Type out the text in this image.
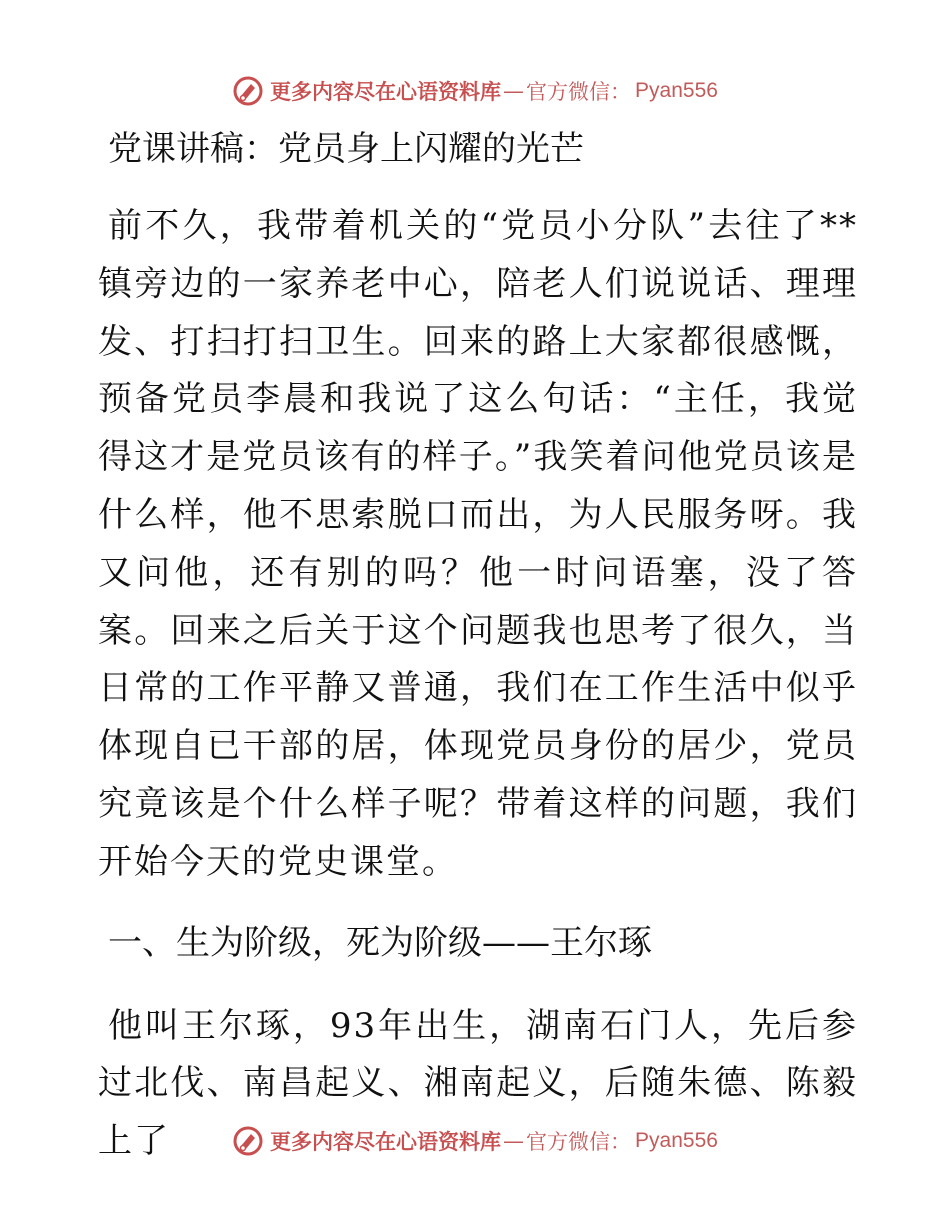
更多内容尽在心语资料库 — 官方微信： Pyan556
党课讲稿：党员身上闪耀的光芒

前不久，我带着机关的“党员小分队”去往了**镇旁边的一家养老中心，陪老人们说说话、理理发、打扫打扫卫生。回来的路上大家都很感慨，预备党员李晨和我说了这么句话：“主任，我觉得这才是党员该有的样子。”我笑着问他党员该是什么样，他不思索脱口而出，为人民服务呀。我又问他，还有别的吗？他一时问语塞，没了答案。回来之后关于这个问题我也思考了很久，当日常的工作平静又普通，我们在工作生活中似乎体现自已干部的居，体现党员身份的居少，党员究竟该是个什么样子呢？带着这样的问题，我们开始今天的党史课堂。

一、生为阶级，死为阶级——王尔琢

他叫王尔琢，93年出生，湖南石门人，先后参过北伐、南昌起义、湘南起义，后随朱德、陈毅上了	更多内容尽在心语资料库 — 官方微信： Pyan556
